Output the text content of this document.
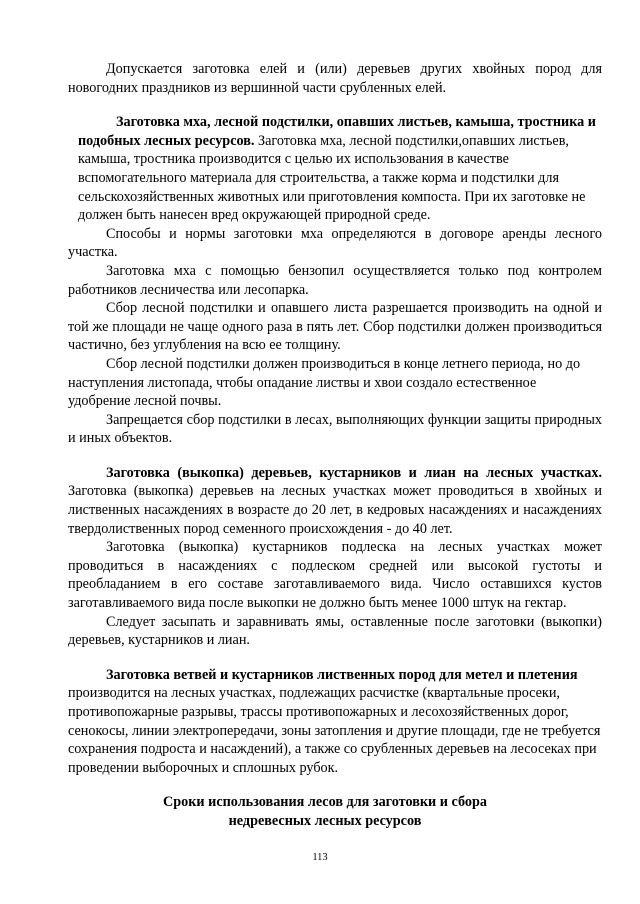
Допускается заготовка елей и (или) деревьев других хвойных пород для новогодних праздников из вершинной части срубленных елей.

Заготовка мха, лесной подстилки, опавших листьев, камыша, тростника и подобных лесных ресурсов. Заготовка мха, лесной подстилки,опавших листьев, камыша, тростника производится с целью их использования в качестве вспомогательного материала для строительства, а также корма и подстилки для сельскохозяйственных животных или приготовления компоста. При их заготовке не должен быть нанесен вред окружающей природной среде.

Способы и нормы заготовки мха определяются в договоре аренды лесного участка.

Заготовка мха с помощью бензопил осуществляется только под контролем работников лесничества или лесопарка.

Сбор лесной подстилки и опавшего листа разрешается производить на одной и той же площади не чаще одного раза в пять лет. Сбор подстилки должен производиться частично, без углубления на всю ее толщину.

Сбор лесной подстилки должен производиться в конце летнего периода, но до наступления листопада, чтобы опадание листвы и хвои создало естественное удобрение лесной почвы.

Запрещается сбор подстилки в лесах, выполняющих функции защиты природных и иных объектов.

Заготовка (выкопка) деревьев, кустарников и лиан на лесных участках. Заготовка (выкопка) деревьев на лесных участках может проводиться в хвойных и лиственных насаждениях в возрасте до 20 лет, в кедровых насаждениях и насаждениях твердолиственных пород семенного происхождения - до 40 лет.

Заготовка (выкопка) кустарников подлеска на лесных участках может проводиться в насаждениях с подлеском средней или высокой густоты и преобладанием в его составе заготавливаемого вида. Число оставшихся кустов заготавливаемого вида после выкопки не должно быть менее 1000 штук на гектар.

Следует засыпать и заравнивать ямы, оставленные после заготовки (выкопки) деревьев, кустарников и лиан.

Заготовка ветвей и кустарников лиственных пород для метел и плетения производится на лесных участках, подлежащих расчистке (квартальные просеки, противопожарные разрывы, трассы противопожарных и лесохозяйственных дорог, сенокосы, линии электропередачи, зоны затопления и другие площади, где не требуется сохранения подроста и насаждений), а также со срубленных деревьев на лесосеках при проведении выборочных и сплошных рубок.

Сроки использования лесов для заготовки и сбора
недревесных лесных ресурсов
113
